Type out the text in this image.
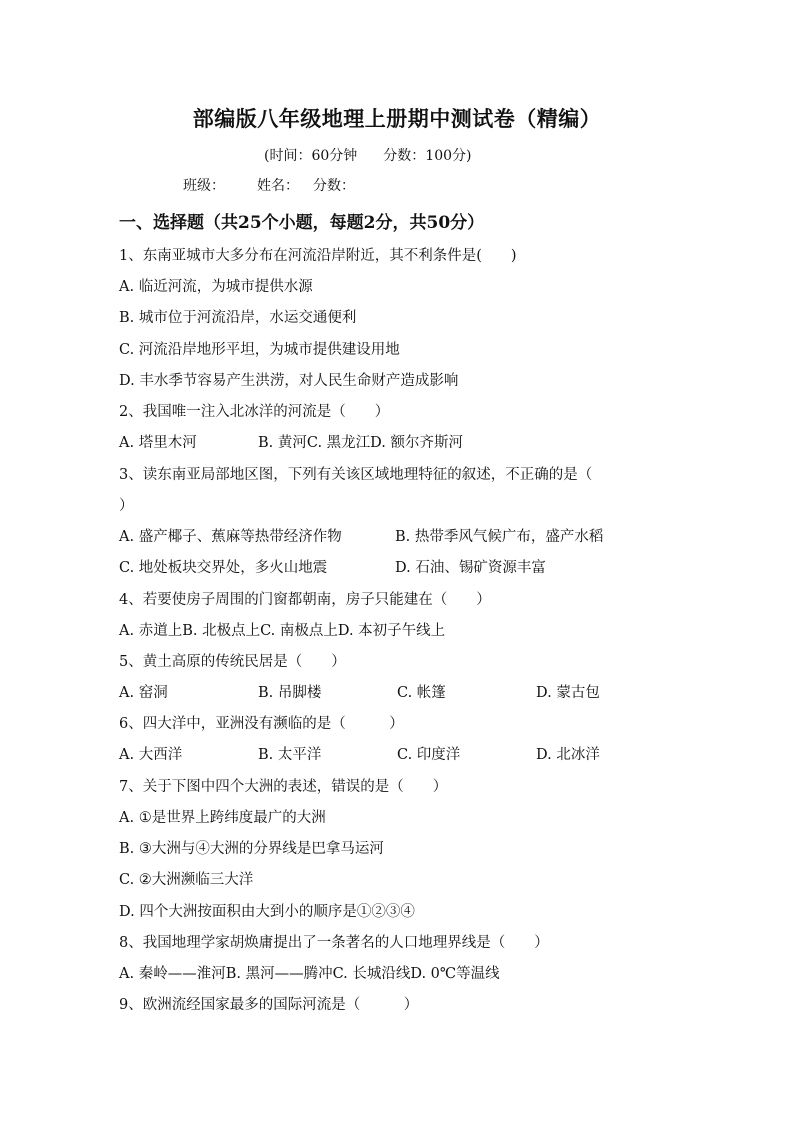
部编版八年级地理上册期中测试卷（精编）
(时间：60分钟 分数：100分)
班级： 姓名： 分数：
一、选择题（共25个小题，每题2分，共50分）
1、东南亚城市大多分布在河流沿岸附近，其不利条件是(　　)
A. 临近河流，为城市提供水源
B. 城市位于河流沿岸，水运交通便利
C. 河流沿岸地形平坦，为城市提供建设用地
D. 丰水季节容易产生洪涝，对人民生命财产造成影响
2、我国唯一注入北冰洋的河流是（　　）
A. 塔里木河	B. 黄河C. 黑龙江D. 额尔齐斯河
3、读东南亚局部地区图，下列有关该区域地理特征的叙述，不正确的是（
）
A. 盛产椰子、蕉麻等热带经济作物	B. 热带季风气候广布，盛产水稻
C. 地处板块交界处，多火山地震	D. 石油、锡矿资源丰富
4、若要使房子周围的门窗都朝南，房子只能建在（　　）
A. 赤道上B. 北极点上C. 南极点上D. 本初子午线上
5、黄土高原的传统民居是（　　）
A. 窑洞	B. 吊脚楼	C. 帐篷	D. 蒙古包
6、四大洋中，亚洲没有濒临的是（　　　）
A. 大西洋	B. 太平洋	C. 印度洋	D. 北冰洋
7、关于下图中四个大洲的表述，错误的是（　　）
A. ①是世界上跨纬度最广的大洲
B. ③大洲与④大洲的分界线是巴拿马运河
C. ②大洲濒临三大洋
D. 四个大洲按面积由大到小的顺序是①②③④
8、我国地理学家胡焕庸提出了一条著名的人口地理界线是（　　）
A. 秦岭——淮河B. 黑河——腾冲C. 长城沿线D. 0℃等温线
9、欧洲流经国家最多的国际河流是（　　　）
